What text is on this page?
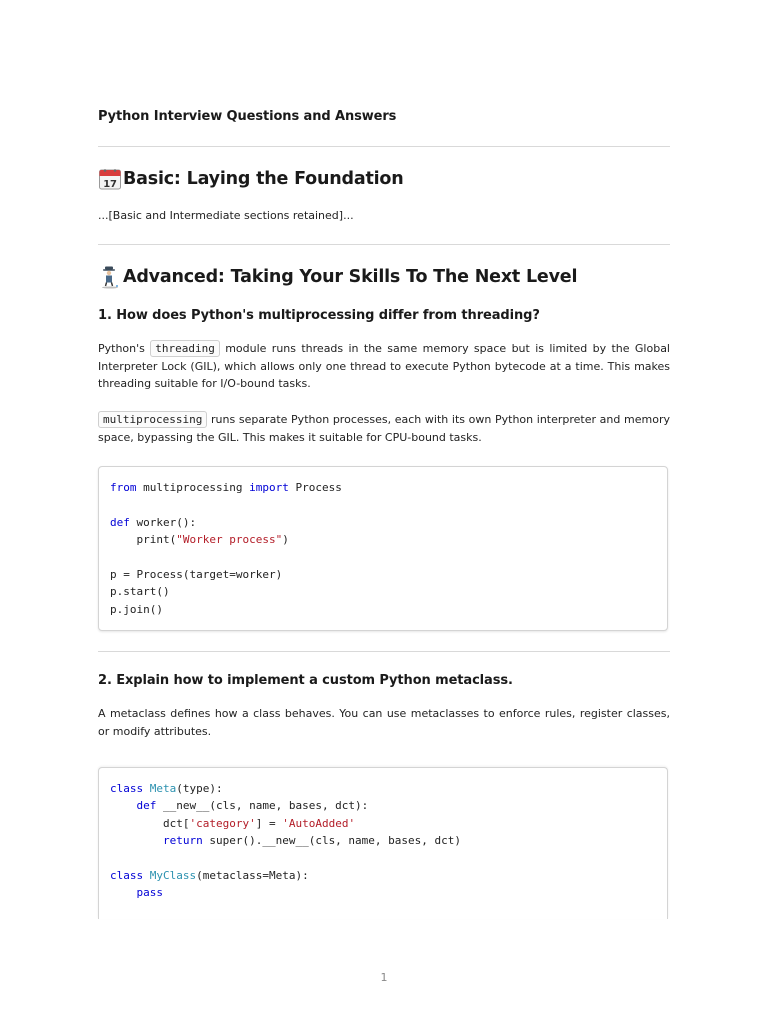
Python Interview Questions and Answers
17 Basic: Laying the Foundation
...[Basic and Intermediate sections retained]...
Advanced: Taking Your Skills To The Next Level
1. How does Python's multiprocessing differ from threading?
Python's threading module runs threads in the same memory space but is limited by the Global Interpreter Lock (GIL), which allows only one thread to execute Python bytecode at a time. This makes threading suitable for I/O-bound tasks.
multiprocessing runs separate Python processes, each with its own Python interpreter and memory space, bypassing the GIL. This makes it suitable for CPU-bound tasks.
from multiprocessing import Process
def worker():
print("Worker process")
p = Process(target=worker)
p.start()
p.join()
2. Explain how to implement a custom Python metaclass.
A metaclass defines how a class behaves. You can use metaclasses to enforce rules, register classes, or modify attributes.
class Meta(type):
def __new__(cls, name, bases, dct):
dct['category'] = 'AutoAdded'
return super().__new__(cls, name, bases, dct)
class MyClass(metaclass=Meta):
pass
1
